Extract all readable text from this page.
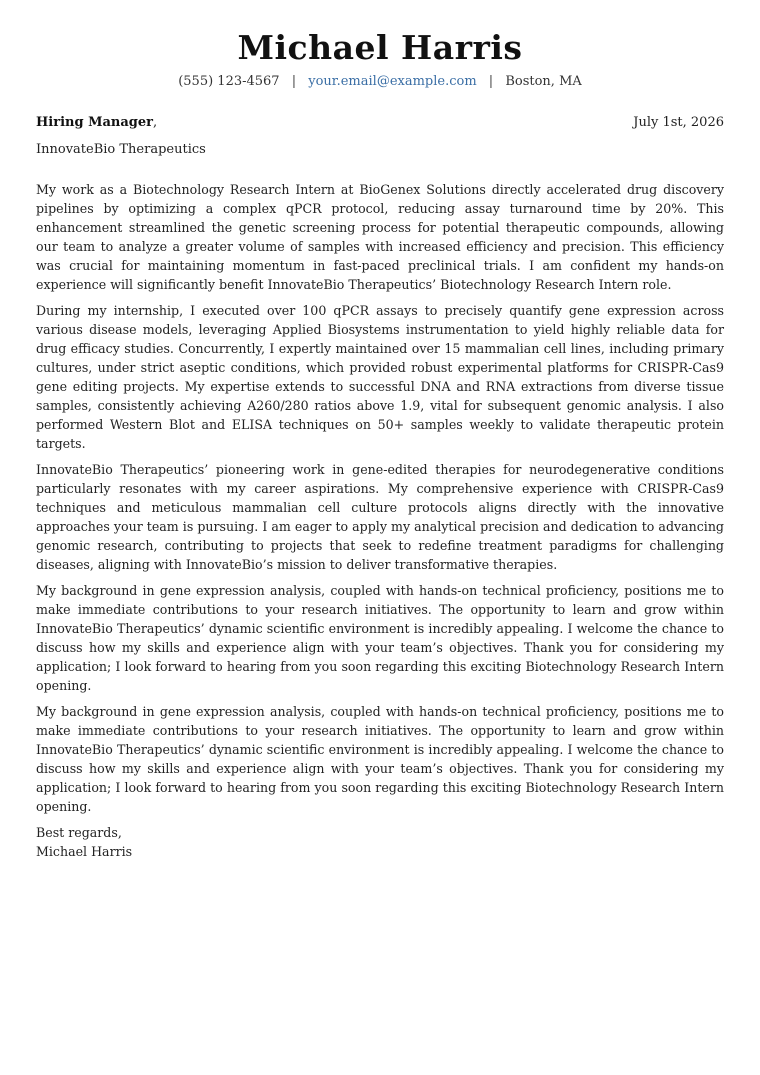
Michael Harris
(555) 123-4567 | your.email@example.com | Boston, MA
Hiring Manager,	July 1st, 2026
InnovateBio Therapeutics

My work as a Biotechnology Research Intern at BioGenex Solutions directly accelerated drug discovery pipelines by optimizing a complex qPCR protocol, reducing assay turnaround time by 20%. This enhancement streamlined the genetic screening process for potential therapeutic compounds, allowing our team to analyze a greater volume of samples with increased efficiency and precision. This efficiency was crucial for maintaining momentum in fast-paced preclinical trials. I am confident my hands-on experience will significantly benefit InnovateBio Therapeutics’ Biotechnology Research Intern role.

During my internship, I executed over 100 qPCR assays to precisely quantify gene expression across various disease models, leveraging Applied Biosystems instrumentation to yield highly reliable data for drug efficacy studies. Concurrently, I expertly maintained over 15 mammalian cell lines, including primary cultures, under strict aseptic conditions, which provided robust experimental platforms for CRISPR-Cas9 gene editing projects. My expertise extends to successful DNA and RNA extractions from diverse tissue samples, consistently achieving A260/280 ratios above 1.9, vital for subsequent genomic analysis. I also performed Western Blot and ELISA techniques on 50+ samples weekly to validate therapeutic protein targets.

InnovateBio Therapeutics’ pioneering work in gene-edited therapies for neurodegenerative conditions particularly resonates with my career aspirations. My comprehensive experience with CRISPR-Cas9 techniques and meticulous mammalian cell culture protocols aligns directly with the innovative approaches your team is pursuing. I am eager to apply my analytical precision and dedication to advancing genomic research, contributing to projects that seek to redefine treatment paradigms for challenging diseases, aligning with InnovateBio’s mission to deliver transformative therapies.

My background in gene expression analysis, coupled with hands-on technical proficiency, positions me to make immediate contributions to your research initiatives. The opportunity to learn and grow within InnovateBio Therapeutics’ dynamic scientific environment is incredibly appealing. I welcome the chance to discuss how my skills and experience align with your team’s objectives. Thank you for considering my application; I look forward to hearing from you soon regarding this exciting Biotechnology Research Intern opening.

My background in gene expression analysis, coupled with hands-on technical proficiency, positions me to make immediate contributions to your research initiatives. The opportunity to learn and grow within InnovateBio Therapeutics’ dynamic scientific environment is incredibly appealing. I welcome the chance to discuss how my skills and experience align with your team’s objectives. Thank you for considering my application; I look forward to hearing from you soon regarding this exciting Biotechnology Research Intern opening.

Best regards,
Michael Harris
